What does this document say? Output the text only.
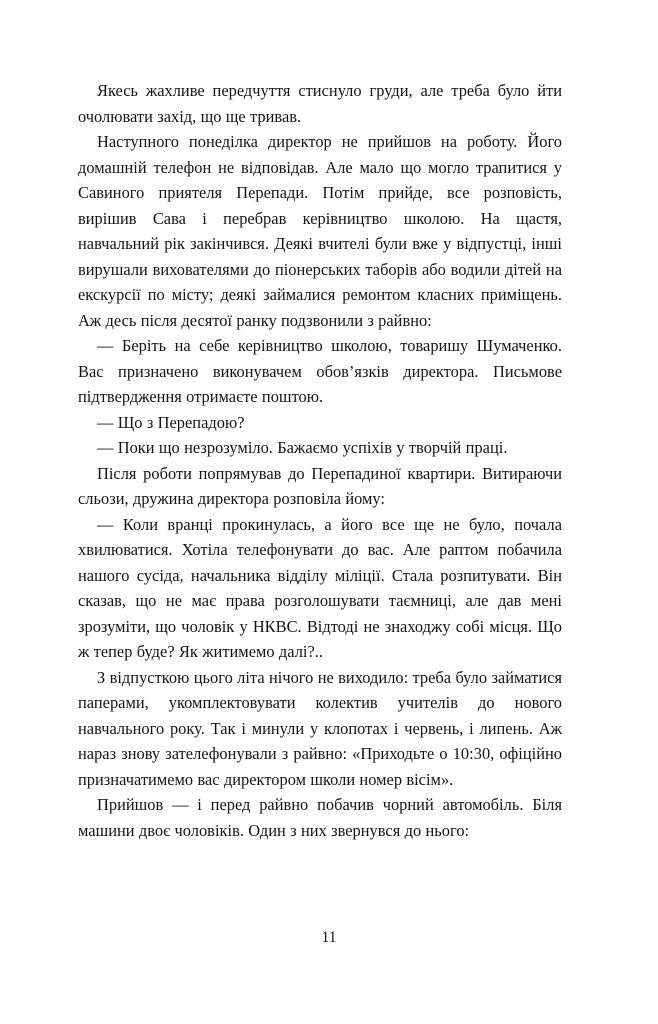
Якесь жахливе передчуття стиснуло груди, але треба було йти очолювати захід, що ще тривав.

Наступного понеділка директор не прийшов на роботу. Його домашній телефон не відповідав. Але мало що могло трапитися у Савиного приятеля Перепади. Потім прийде, все розповість, вирішив Сава і перебрав керівництво школою. На щастя, навчальний рік закінчився. Деякі вчителі були вже у відпустці, інші вирушали вихователями до піонерських таборів або водили дітей на екскурсії по місту; деякі займалися ремонтом класних приміщень. Аж десь після десятої ранку подзвонили з райвно:

— Беріть на себе керівництво школою, товаришу Шумаченко. Вас призначено виконувачем обов’язків директора. Письмове підтвердження отримаєте поштою.

— Що з Перепадою?

— Поки що незрозуміло. Бажаємо успіхів у творчій праці.

Після роботи попрямував до Перепадиної квартири. Витираючи сльози, дружина директора розповіла йому:

— Коли вранці прокинулась, а його все ще не було, почала хвилюватися. Хотіла телефонувати до вас. Але раптом побачила нашого сусіда, начальника відділу міліції. Стала розпитувати. Він сказав, що не має права розголошувати таємниці, але дав мені зрозуміти, що чоловік у НКВС. Відтоді не знаходжу собі місця. Що ж тепер буде? Як житимемо далі?..

З відпусткою цього літа нічого не виходило: треба було займатися паперами, укомплектовувати колектив учителів до нового навчального року. Так і минули у клопотах і червень, і липень. Аж нараз знову зателефонували з райвно: «Приходьте о 10:30, офіційно призначатимемо вас директором школи номер вісім».

Прийшов — і перед райвно побачив чорний автомобіль. Біля машини двоє чоловіків. Один з них звернувся до нього:

11
